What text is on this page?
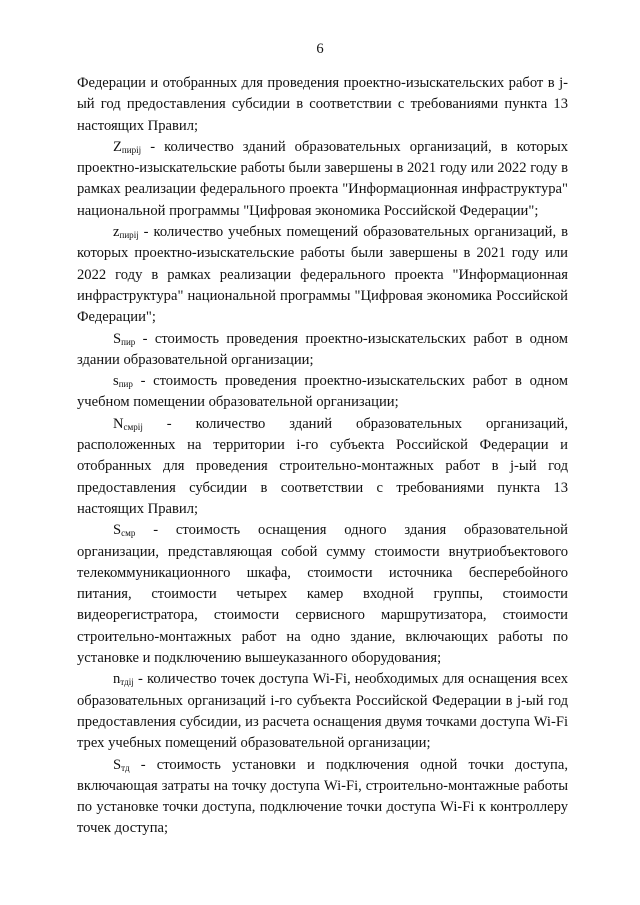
6

Федерации и отобранных для проведения проектно-изыскательских работ в j-ый год предоставления субсидии в соответствии с требованиями пункта 13 настоящих Правил;

$Z_{пирij}$ - количество зданий образовательных организаций, в которых проектно-изыскательские работы были завершены в 2021 году или 2022 году в рамках реализации федерального проекта "Информационная инфраструктура" национальной программы "Цифровая экономика Российской Федерации";

$z_{пирij}$ - количество учебных помещений образовательных организаций, в которых проектно-изыскательские работы были завершены в 2021 году или 2022 году в рамках реализации федерального проекта "Информационная инфраструктура" национальной программы "Цифровая экономика Российской Федерации";

$S_{пир}$ - стоимость проведения проектно-изыскательских работ в одном здании образовательной организации;

$s_{пир}$ - стоимость проведения проектно-изыскательских работ в одном учебном помещении образовательной организации;

$N_{смрij}$ - количество зданий образовательных организаций, расположенных на территории i-го субъекта Российской Федерации и отобранных для проведения строительно-монтажных работ в j-ый год предоставления субсидии в соответствии с требованиями пункта 13 настоящих Правил;

$S_{смр}$ - стоимость оснащения одного здания образовательной организации, представляющая собой сумму стоимости внутриобъектового телекоммуникационного шкафа, стоимости источника бесперебойного питания, стоимости четырех камер входной группы, стоимости видеорегистратора, стоимости сервисного маршрутизатора, стоимости строительно-монтажных работ на одно здание, включающих работы по установке и подключению вышеуказанного оборудования;

$n_{тдij}$ - количество точек доступа Wi-Fi, необходимых для оснащения всех образовательных организаций i-го субъекта Российской Федерации в j-ый год предоставления субсидии, из расчета оснащения двумя точками доступа Wi-Fi трех учебных помещений образовательной организации;

$S_{тд}$ - стоимость установки и подключения одной точки доступа, включающая затраты на точку доступа Wi-Fi, строительно-монтажные работы по установке точки доступа, подключение точки доступа Wi-Fi к контроллеру точек доступа;
